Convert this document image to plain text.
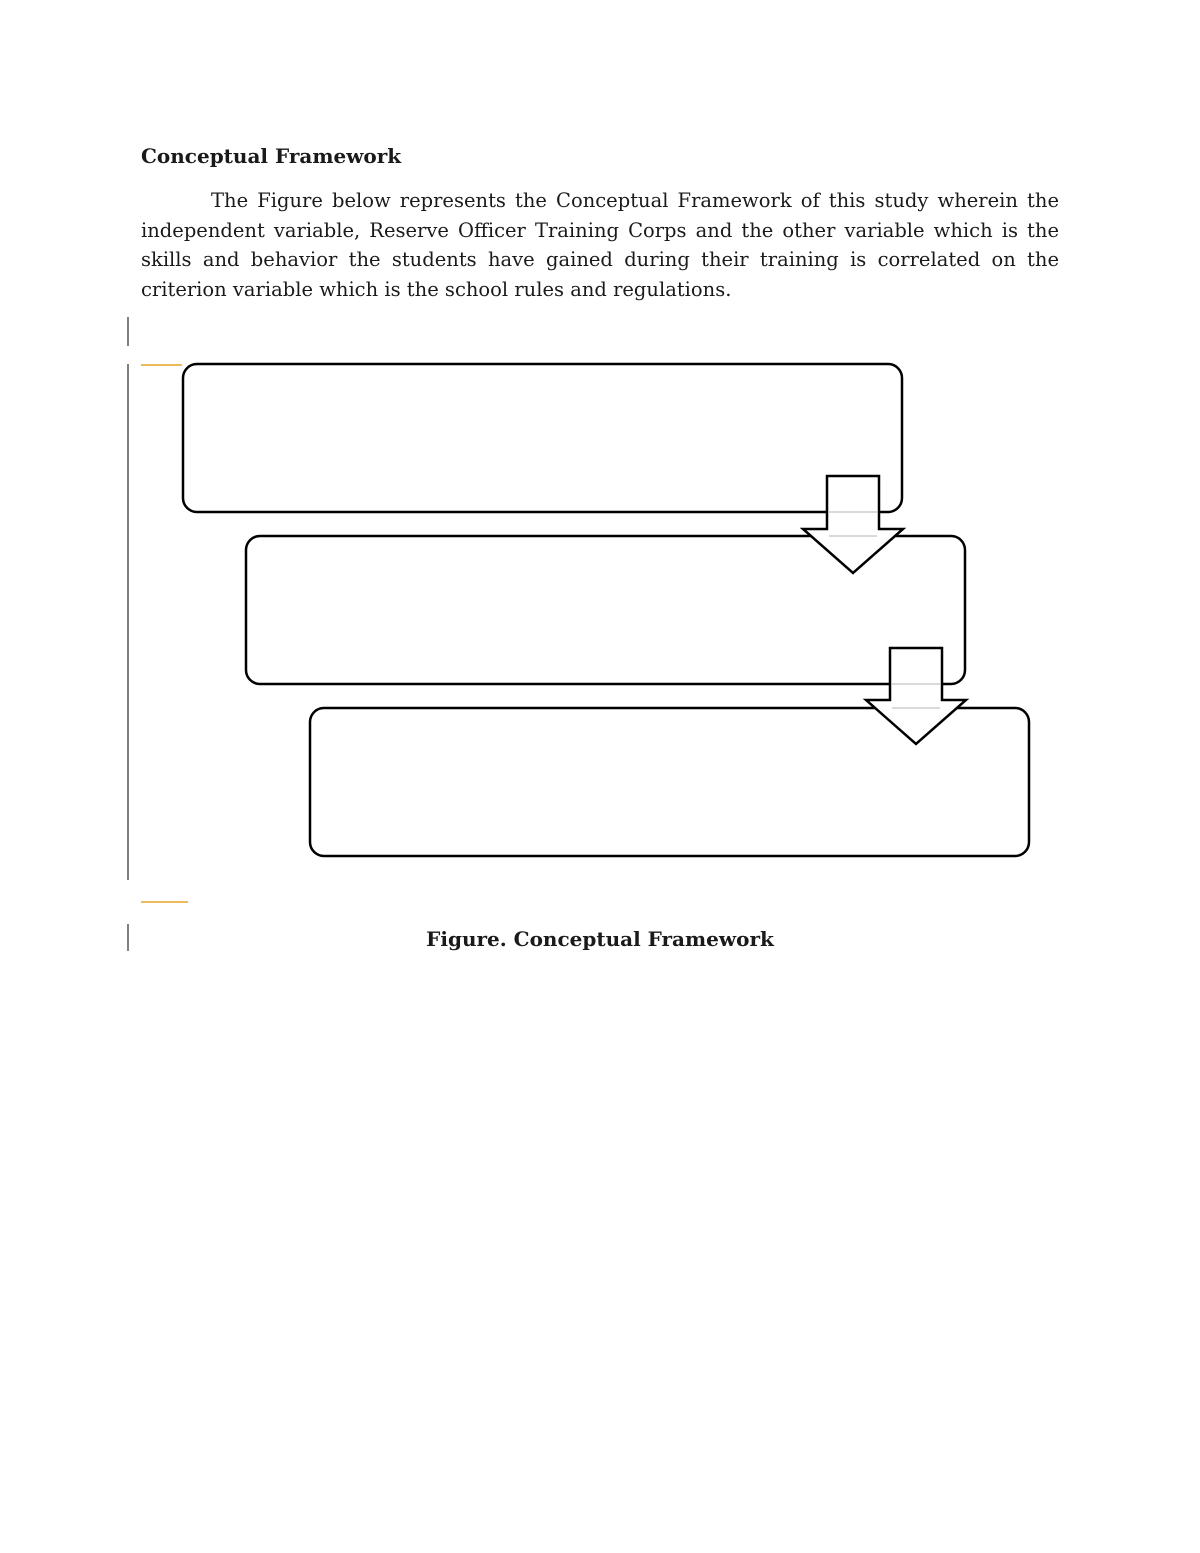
Conceptual Framework

The Figure below represents the Conceptual Framework of this study wherein the independent variable, Reserve Officer Training Corps and the other variable which is the skills and behavior the students have gained during their training is correlated on the criterion variable which is the school rules and regulations.

Figure. Conceptual Framework
